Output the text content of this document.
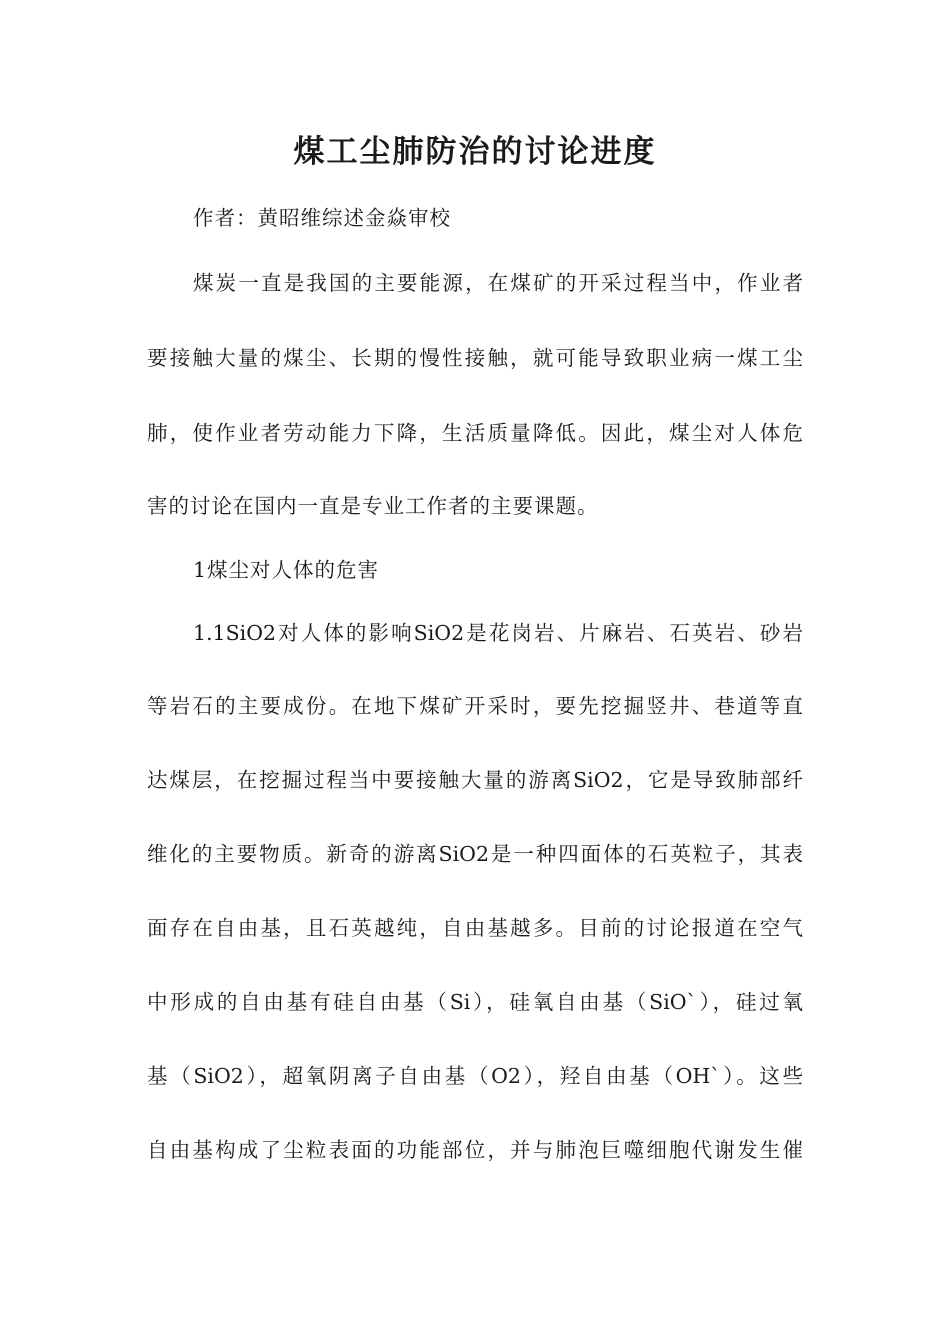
煤工尘肺防治的讨论进度
作者：黄昭维综述金焱审校
煤炭一直是我国的主要能源，在煤矿的开采过程当中，作业者
要接触大量的煤尘、长期的慢性接触，就可能导致职业病一煤工尘
肺，使作业者劳动能力下降，生活质量降低。因此，煤尘对人体危
害的讨论在国内一直是专业工作者的主要课题。
1煤尘对人体的危害
1.1SiO2对人体的影响SiO2是花岗岩、片麻岩、石英岩、砂岩
等岩石的主要成份。在地下煤矿开采时，要先挖掘竖井、巷道等直
达煤层，在挖掘过程当中要接触大量的游离SiO2，它是导致肺部纤
维化的主要物质。新奇的游离SiO2是一种四面体的石英粒子，其表
面存在自由基，且石英越纯，自由基越多。目前的讨论报道在空气
中形成的自由基有硅自由基（Si），硅氧自由基（SiO`），硅过氧
基（SiO2），超氧阴离子自由基（O2），羟自由基（OH`）。这些
自由基构成了尘粒表面的功能部位，并与肺泡巨噬细胞代谢发生催
